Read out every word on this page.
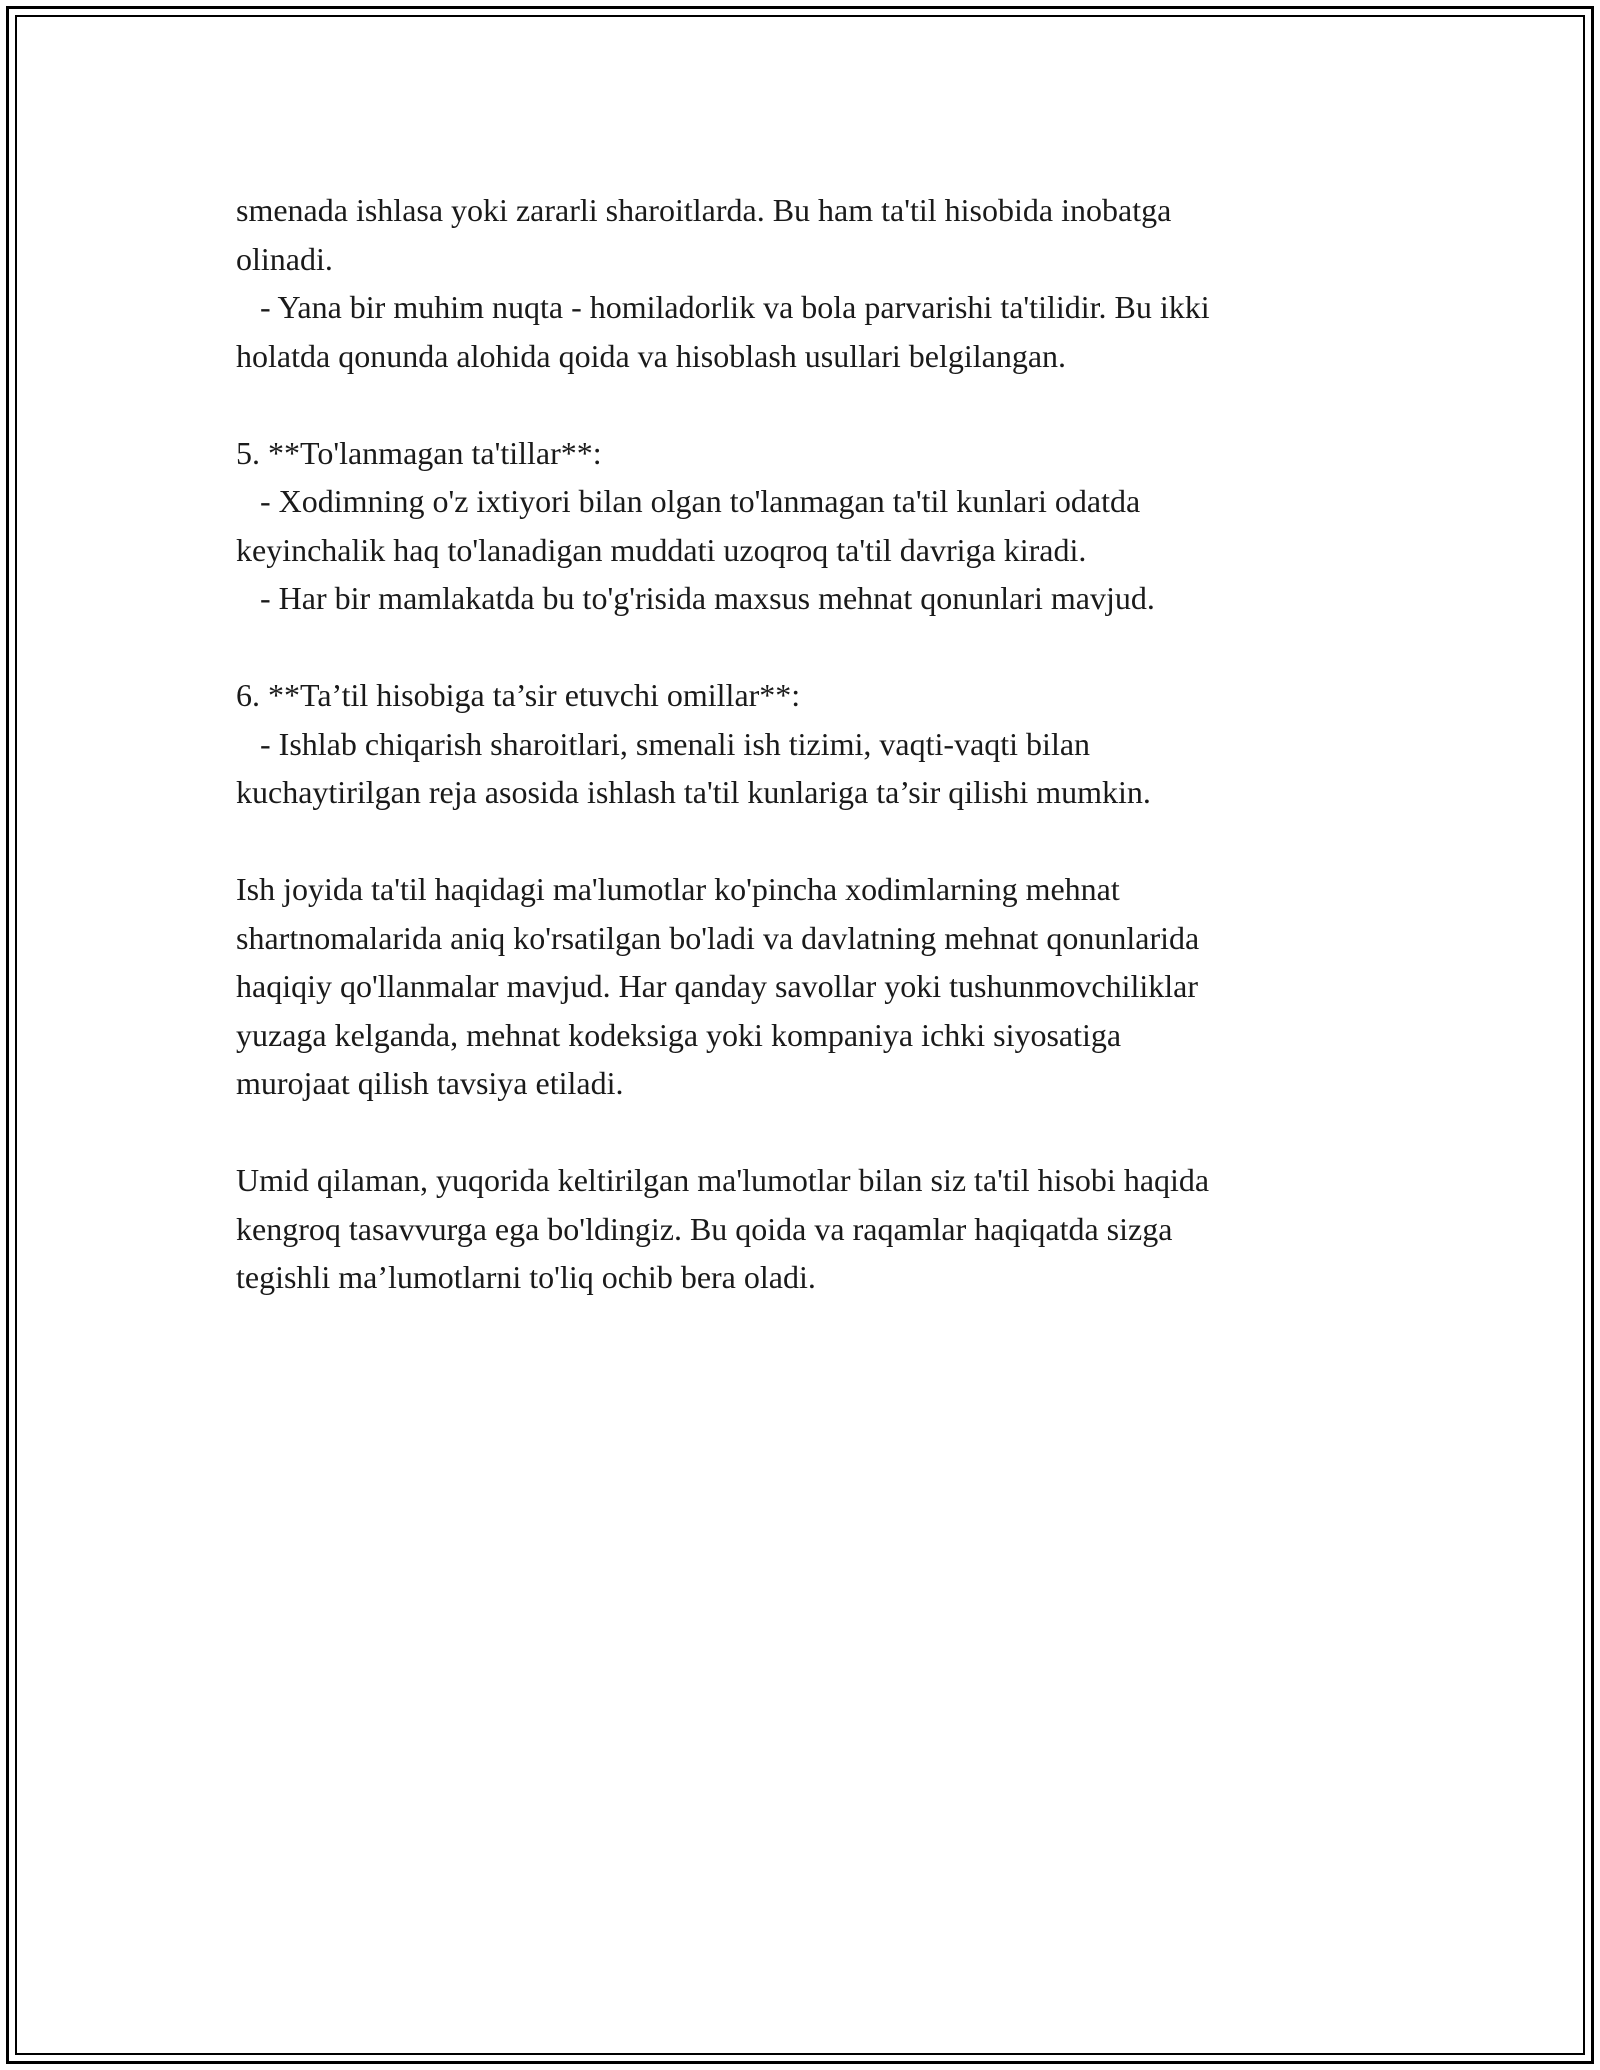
smenada ishlasa yoki zararli sharoitlarda. Bu ham ta'til hisobida inobatga

olinadi.

- Yana bir muhim nuqta - homiladorlik va bola parvarishi ta'tilidir. Bu ikki

holatda qonunda alohida qoida va hisoblash usullari belgilangan.

5. **To'lanmagan ta'tillar**:

- Xodimning o'z ixtiyori bilan olgan to'lanmagan ta'til kunlari odatda

keyinchalik haq to'lanadigan muddati uzoqroq ta'til davriga kiradi.

- Har bir mamlakatda bu to'g'risida maxsus mehnat qonunlari mavjud.

6. **Ta’til hisobiga ta’sir etuvchi omillar**:

- Ishlab chiqarish sharoitlari, smenali ish tizimi, vaqti-vaqti bilan

kuchaytirilgan reja asosida ishlash ta'til kunlariga ta’sir qilishi mumkin.

Ish joyida ta'til haqidagi ma'lumotlar ko'pincha xodimlarning mehnat

shartnomalarida aniq ko'rsatilgan bo'ladi va davlatning mehnat qonunlarida

haqiqiy qo'llanmalar mavjud. Har qanday savollar yoki tushunmovchiliklar

yuzaga kelganda, mehnat kodeksiga yoki kompaniya ichki siyosatiga

murojaat qilish tavsiya etiladi.

Umid qilaman, yuqorida keltirilgan ma'lumotlar bilan siz ta'til hisobi haqida

kengroq tasavvurga ega bo'ldingiz. Bu qoida va raqamlar haqiqatda sizga

tegishli ma’lumotlarni to'liq ochib bera oladi.
